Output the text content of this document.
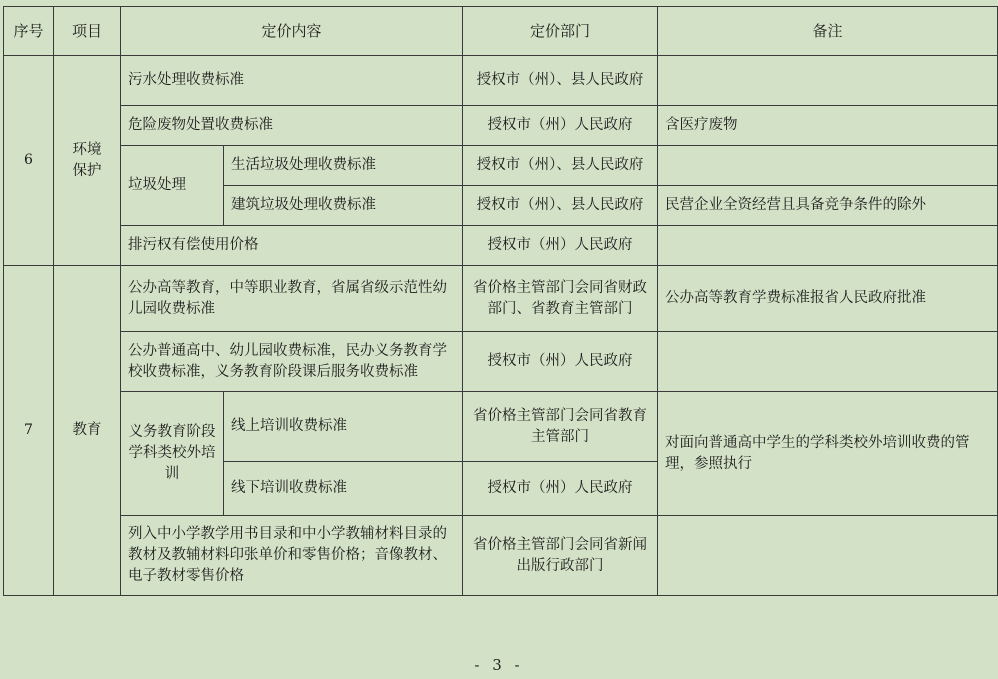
序号	项目	定价内容		定价部门	备注
6	环境保护	污水处理收费标准		授权市（州）、县人民政府	
		危险废物处置收费标准		授权市（州）人民政府	含医疗废物
		垃圾处理	生活垃圾处理收费标准	授权市（州）、县人民政府	
			建筑垃圾处理收费标准	授权市（州）、县人民政府	民营企业全资经营且具备竞争条件的除外
		排污权有偿使用价格		授权市（州）人民政府	
7	教育	公办高等教育，中等职业教育，省属省级示范性幼儿园收费标准		省价格主管部门会同省财政部门、省教育主管部门	公办高等教育学费标准报省人民政府批准
		公办普通高中、幼儿园收费标准，民办义务教育学校收费标准，义务教育阶段课后服务收费标准		授权市（州）人民政府	
		义务教育阶段学科类校外培训	线上培训收费标准	省价格主管部门会同省教育主管部门	对面向普通高中学生的学科类校外培训收费的管理，参照执行
			线下培训收费标准	授权市（州）人民政府	
		列入中小学教学用书目录和中小学教辅材料目录的教材及教辅材料印张单价和零售价格；音像教材、电子教材零售价格		省价格主管部门会同省新闻出版行政部门	
- 3 -
